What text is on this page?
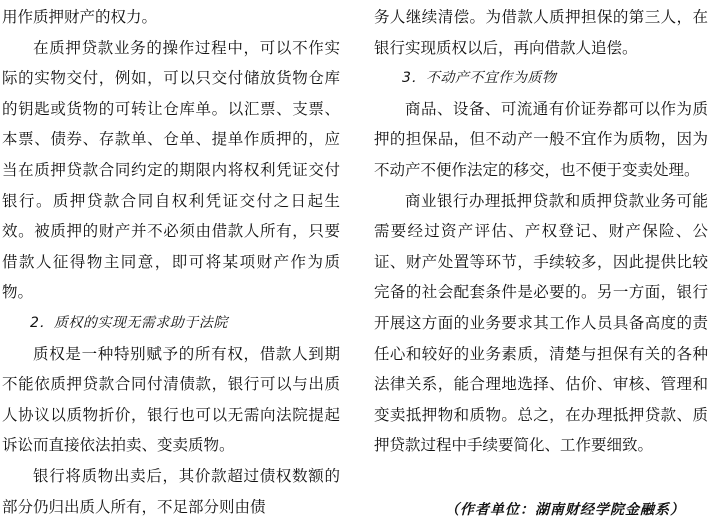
用作质押财产的权力。

在质押贷款业务的操作过程中，可以不作实际的实物交付，例如，可以只交付储放货物仓库的钥匙或货物的可转让仓库单。以汇票、支票、本票、债券、存款单、仓单、提单作质押的，应当在质押贷款合同约定的期限内将权利凭证交付银行。质押贷款合同自权利凭证交付之日起生效。被质押的财产并不必须由借款人所有，只要借款人征得物主同意，即可将某项财产作为质物。

2．质权的实现无需求助于法院

质权是一种特别赋予的所有权，借款人到期不能依质押贷款合同付清债款，银行可以与出质人协议以质物折价，银行也可以无需向法院提起诉讼而直接依法拍卖、变卖质物。

银行将质物出卖后，其价款超过债权数额的部分仍归出质人所有，不足部分则由债

务人继续清偿。为借款人质押担保的第三人，在银行实现质权以后，再向借款人追偿。

3．不动产不宜作为质物

商品、设备、可流通有价证券都可以作为质押的担保品，但不动产一般不宜作为质物，因为不动产不便作法定的移交，也不便于变卖处理。

商业银行办理抵押贷款和质押贷款业务可能需要经过资产评估、产权登记、财产保险、公证、财产处置等环节，手续较多，因此提供比较完备的社会配套条件是必要的。另一方面，银行开展这方面的业务要求其工作人员具备高度的责任心和较好的业务素质，清楚与担保有关的各种法律关系，能合理地选择、估价、审核、管理和变卖抵押物和质物。总之，在办理抵押贷款、质押贷款过程中手续要简化、工作要细致。

（作者单位：湖南财经学院金融系）
